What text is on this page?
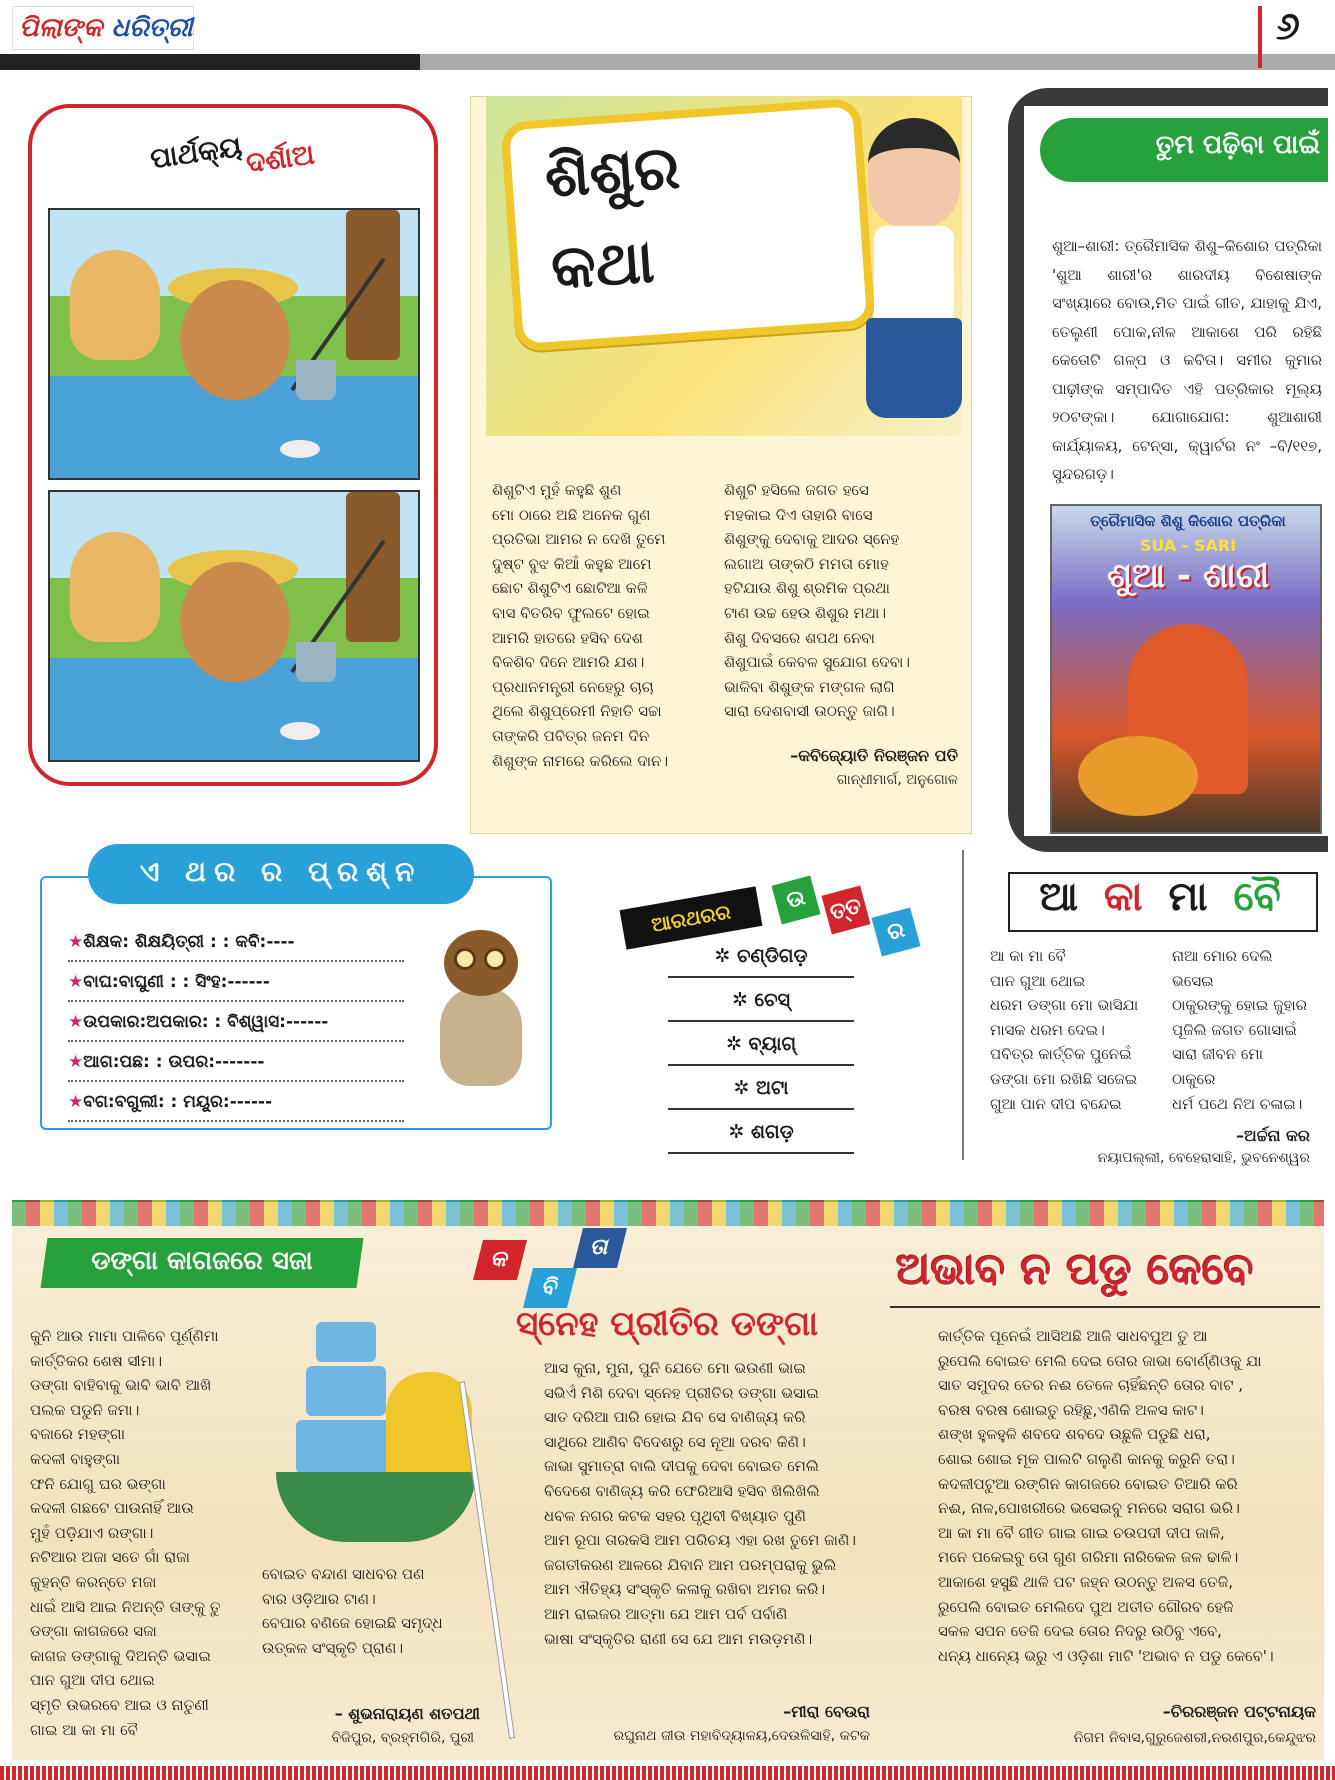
ପିଲାଙ୍କ ଧରିତ୍ରୀ	୬
ପାର୍ଥକ୍ୟ ଦର୍ଶାଅ	ଶିଶୁର
କଥା
ଶିଶୁଟିଏ ମୁହଁ କହୁଛି ଶୁଣ
ମୋ ଠାରେ ଅଛି ଅନେକ ଗୁଣ
ପ୍ରତିଭା ଆମର ନ ଦେଖି ତୁମେ
ଦୁଷ୍ଟ ବୁଝ କିଆଁ କହୁଛ ଆମେ
ଛୋଟ ଶିଶୁଟିଏ ଛୋଟିଆ କଳି
ବାସ ବିତରିବ ଫୁଲଟେ ହୋଇ
ଆମରି ହାତରେ ହସିବ ଦେଶ
ବିକଶିବ ଦିନେ ଆମରି ଯଶ।
ପ୍ରଧାନମନ୍ତ୍ରୀ ନେହେରୁ ଚାଚା
ଥିଲେ ଶିଶୁପ୍ରେମୀ ନିହାତି ସଚ୍ଚା
ତାଙ୍କରି ପବିତ୍ର ଜନମ ଦିନ
ଶିଶୁଙ୍କ ନାମରେ କରିଲେ ଦାନ।
ଶିଶୁଟି ହସିଲେ ଜଗତ ହସେ
ମହକାଇ ଦିଏ ତାହାରି ବାସେ
ଶିଶୁଙ୍କୁ ଦେବାକୁ ଆଦର ସ୍ନେହ
ଲଗାଅ ତାଙ୍କଠି ମମତା ମୋହ
ହଟିଯାଉ ଶିଶୁ ଶ୍ରମିକ ପ୍ରଥା
ଟାଣ ଉଚ୍ଚ ହେଉ ଶିଶୁର ମଥା।
ଶିଶୁ ଦିବସରେ ଶପଥ ନେବା
ଶିଶୁପାଇଁ କେବଳ ସୁଯୋଗ ଦେବା।
ଭାଳିବା ଶିଶୁଙ୍କ ମଙ୍ଗଳ ଲାଗି
ସାରା ଦେଶବାସୀ ଉଠନ୍ତୁ ଜାଗି।
–କବିଜ୍ୟୋତି ନିରଞ୍ଜନ ପତି
ଗାନ୍ଧୀମାର୍ଗ, ଅନୁଗୋଳ
ତୁମ ପଢ଼ିବା ପାଇଁ
ଶୁଆ–ଶାରୀ: ତ୍ରୈମାସିକ ଶିଶୁ–କିଶୋର ପତ୍ରିକା 'ଶୁଆ ଶାରୀ'ର ଶାରଦୀୟ ବିଶେଷାଙ୍କ ସଂଖ୍ୟାରେ ବୋଉ,ମିତ ପାଇଁ ଗୀତ, ଯାହାକୁ ଯିଏ, ତେଲୁଣୀ ପୋକ,ନୀଳ ଆକାଶେ ପରି ରହିଛି କେତୋଟି ଗଳ୍ପ ଓ କବିତା। ସମୀର କୁମାର ପାଢ଼ୀଙ୍କ ସମ୍ପାଦିତ ଏହି ପତ୍ରିକାର ମୂଲ୍ୟ ୨୦ଟଙ୍କା। ଯୋଗାଯୋଗ: ଶୁଆଶାରୀ କାର୍ଯ୍ୟାଳୟ, ଟେନ୍‌ସା, କ୍ୱାର୍ଟର ନଂ –ବି/୧୧୭, ସୁନ୍ଦରଗଡ଼।
ତ୍ରୈମାସିକ ଶିଶୁ କିଶୋର ପତ୍ରିକା
SUA - SARI
ଶୁଆ - ଶାରୀ
ଏ ଥର ର ପ୍ରଶ୍ନ
★ଶିକ୍ଷକ: ଶିକ୍ଷୟିତ୍ରୀ : : କବି:----
★ବାଘ:ବାଘୁଣୀ : : ସିଂହ:------
★ଉପକାର:ଅପକାର: : ବିଶ୍ୱାସ:------
★ଆଗ:ପଛ: : ଉପର:-------
★ବଗ:ବଗୁଲୀ: : ମୟୂର:------
ଆରଥରର	ଉ ତ୍ତ
ର
✲ ଚଣ୍ଡିଗଡ଼
✲ ଚେସ୍
✲ ବ୍ୟାଗ୍
✲ ଅଟା
✲ ଶଗଡ଼
ଆ କା ମା ବୈ
ଆ କା ମା ବୈ
ପାନ ଗୁଆ ଥୋଇ
ଧରମ ଡଙ୍ଗା ମୋ ଭାସିଯା
ମାସକ ଧରମ ଦେଇ।
ପବିତ୍ର କାର୍ତ୍ତିକ ପୁନେଇଁ
ଡଙ୍ଗା ମୋ ରଖିଛି ସଜେଇ
ଗୁଆ ପାନ ଦୀପ ବନ୍ଦେଇ
ନାଆ ମୋର ଦେଲି
ଭସେଇ
ଠାକୁରଙ୍କୁ ହୋଇ ଜୁହାର
ପୂଜିଲି ଜଗତ ଗୋସାଇଁ
ସାରା ଜୀବନ ମୋ
ଠାକୁରେ
ଧର୍ମ ପଥେ ନିଅ ଚଳାଇ।
–ଅର୍ଚ୍ଚନା କର
ନୟାପଲ୍ଲୀ, ବେହେରାସାହି, ଭୁବନେଶ୍ୱର
ଡଙ୍ଗା କାଗଜରେ ସଜା
କୁନି ଆଉ ମାମା ପାଳିବେ ପୂର୍ଣ୍ଣିମା
କାର୍ତ୍ତିକର ଶେଷ ସୀମା।
ଡଙ୍ଗା ବାହିବାକୁ ଭାବି ଭାବି ଆଖି
ପଲକ ପଡୁନି ଜମା।
ବଜାରେ ମହଙ୍ଗା
କଦଳୀ ବାହୁଙ୍ଗା
ଫନି ଯୋଗୁ ଘର ଭଙ୍ଗା
କଦଳୀ ଗଛଟେ ପାଉନାହିଁ ଆଉ
ମୁହଁ ପଡ଼ିଯାଏ ରଙ୍ଗା।
ନଟିଆର ଅଜା ସତେ ଗାଁ ରାଜା
କୁହନ୍ତି କରନ୍ତେ ମଜା
ଧାଇଁ ଆସି ଆଇ ନିଅନ୍ତି ତାଙ୍କୁ ତୁ
ଡଙ୍ଗା କାଗଜରେ ସଜା
କାଗଜ ଡଙ୍ଗାକୁ ଦିଅନ୍ତି ଭସାଇ
ପାନ ଗୁଆ ଦୀପ ଥୋଇ
ସ୍ମୃତି ଉଭରବେ ଆଇ ଓ ନାତୁଣୀ
ଗାଇ ଆ କା ମା ବୈ
ବୋଇତ ବନ୍ଦାଣ ସାଧବର ପଣ
ବାର ଓଡ଼ିଆର ଟାଣ।
ବେପାର ବଣିଜେ ହୋଇଛି ସମୃଦ୍ଧ
ଉତ୍କଳ ସଂସ୍କୃତି ପ୍ରାଣ।
– ଶୁଭନାରାୟଣ ଶତପଥୀ
ବିଜିପୁର, ବ୍ରହ୍ମଗିରି, ପୁରୀ
କ
ବି
ତା
ସ୍ନେହ ପ୍ରୀତିର ଡଙ୍ଗା
ଆସ କୁନା, ମୁନା, ପୁନି ଯେତେ ମୋ ଭଉଣୀ ଭାଇ
ସଭିଏଁ ମିଶି ଦେବା ସ୍ନେହ ପ୍ରୀତିର ଡଙ୍ଗା ଭସାଇ
ସାତ ଦରିଆ ପାରି ହୋଇ ଯିବ ସେ ବାଣିଜ୍ୟ କରି
ସାଥିରେ ଆଣିବ ବିଦେଶରୁ ସେ ନୂଆ ଦରବ କିଣି।
ଜାଭା ସୁମାତ୍ରା ବାଲି ଦୀପକୁ ଦେବା ବୋଇତ ମେଲି
ବିଦେଶେ ବାଣିଜ୍ୟ କରି ଫେରିଆସି ହସିବ ଖିଲିଖିଲି
ଧବଳ ନଗର କଟକ ସହର ପୃଥିବୀ ବିଖ୍ୟାତ ପୁଣି
ଆମ ରୂପା ତାରକସି ଆମ ପରିଚୟ ଏହା ରଖ ତୁମେ ଜାଣି।
ଜଗତୀକରଣ ଆଳରେ ଯିବାନି ଆମ ପରମ୍ପରାକୁ ଭୁଲି
ଆମ ଐତିହ୍ୟ ସଂସ୍କୃତି କଳାକୁ ରଖିବା ଅମର କରି।
ଆମ ରାଇଜର ଆତ୍ମା ଯେ ଆମ ପର୍ବ ପର୍ବାଣି
ଭାଷା ସଂସ୍କୃତିର ରାଣୀ ସେ ଯେ ଆମ ମଉଡ଼ମଣି।
–ମୀରା ବେଉରା
ରଘୁନାଥ ଜୀଉ ମହାବିଦ୍ୟାଳୟ,ଦେଉଳିସାହି, କଟକ
ଅଭାବ ନ ପଡୁ କେବେ
କାର୍ତ୍ତିକ ପୂନେଇଁ ଆସିଅଛି ଆଜି ସାଧବପୁଅ ତୁ ଆ
ରୁପେଲି ବୋଇତ ମେଲି ଦେଇ ତୋର ଜାଭା ବୋର୍ଣ୍ଣିଓକୁ ଯା
ସାତ ସମୁଦର ତେର ନଈ ତେଳେ ଚାହିଁଛନ୍ତି ତୋର ବାଟ ,
ବରଷ ବରଷ ଶୋଇତୁ ରହିଛୁ,ଏଣିକି ଅଳସ କାଟ।
ଶଙ୍ଖ ହୁଳହୁଳି ଶବଦେ ଶବଦେ ଉଛୁଳି ପଡୁଛି ଧରା,
ଶୋଇ ଶୋଇ ମୂକ ପାଲଟି ଗଲୁଣି କାନକୁ କରୁନି ତରା।
କଦଳୀପଟୁଆ ରଙ୍ଗିନ କାଗଜରେ ବୋଇତ ତିଆରି କରି
ନଈ, ନାଳ,ପୋଖରୀରେ ଭସେଇବୁ ମନରେ ସରାଗ ଭରି।
ଆ କା ମା ବୈ ଗୀତ ଗାଇ ଗାଇ ଚଉପଦୀ ଦୀପ ଜାଳି,
ମନେ ପକେଇବୁ ତୋ ଗୁଣ ଗରିମା ନାରିକେଳ ଜଳ ଢାଳି।
ଆକାଶେ ହସୁଛି ଥାଳି ପଟ ଜହ୍ନ ଉଠନ୍ତୁ ଅଳସ ତେଜି,
ରୁପେଲି ବୋଇତ ମେଲିଦେ ପୁଅ ଅତୀତ ଗୌରବ ହେଜି
ସକଳ ସପନ ତେଜି ଦେଇ ତୋର ନିଦରୁ ଉଠିବୁ ଏବେ,
ଧନ୍ୟ ଧାନ୍ୟେ ଭରୁ ଏ ଓଡ଼ିଶା ମାଟି 'ଅଭାବ ନ ପଡୁ କେବେ'।
–ଚିରରଞ୍ଜନ ପଟ୍ଟନାୟକ
ନିଗମ ନିବାସ,ଗୁରୁଜେଶରୀ,ନରଣପୁର,କେନ୍ଦୁଝର
